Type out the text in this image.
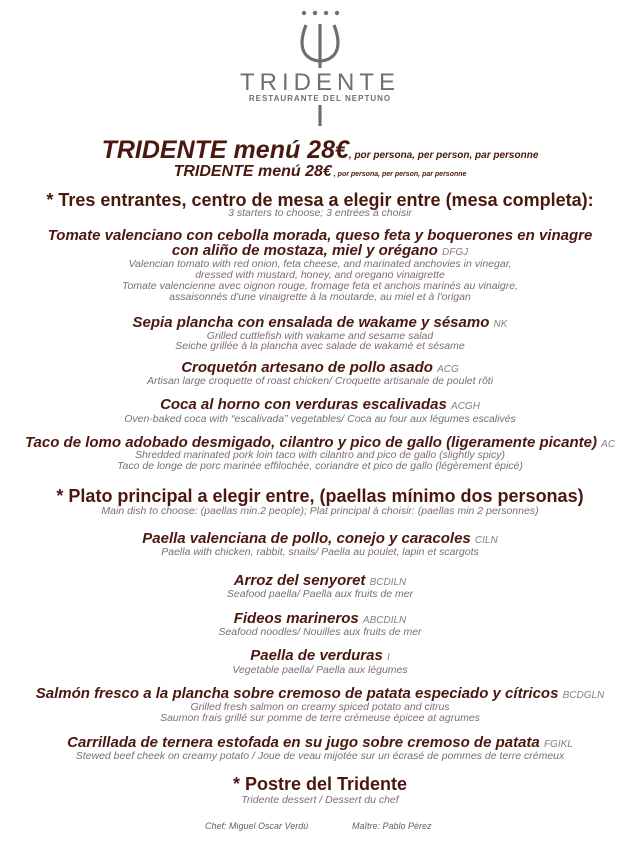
TRIDENTE
RESTAURANTE DEL NEPTUNO
TRIDENTE menú 28€, por persona, per person, par personne
TRIDENTE menú 28€ , por persona, per person, par personne
* Tres entrantes, centro de mesa a elegir entre (mesa completa):
3 starters to choose; 3 entrées à choisir
Tomate valenciano con cebolla morada, queso feta y boquerones en vinagre
con aliño de mostaza, miel y orégano DFGJ
Valencian tomato with red onion, feta cheese, and marinated anchovies in vinegar,
dressed with mustard, honey, and oregano vinaigrette
Tomate valencienne avec oignon rouge, fromage feta et anchois marinés au vinaigre,
assaisonnés d'une vinaigrette à la moutarde, au miel et à l'origan
Sepia plancha con ensalada de wakame y sésamo NK
Grilled cuttlefish with wakame and sesame salad
Seiche grillée à la plancha avec salade de wakamé et sésame
Croquetón artesano de pollo asado ACG
Artisan large croquette of roast chicken/ Croquette artisanale de poulet rôti
Coca al horno con verduras escalivadas ACGH
Oven-baked coca with “escalivada” vegetables/ Coca au four aux légumes escalivés
Taco de lomo adobado desmigado, cilantro y pico de gallo (ligeramente picante) AC
Shredded marinated pork loin taco with cilantro and pico de gallo (slightly spicy)
Taco de longe de porc marinée effilochée, coriandre et pico de gallo (légèrement épicé)
* Plato principal a elegir entre, (paellas mínimo dos personas)
Main dish to choose: (paellas min.2 people); Plat principal à choisir: (paellas min 2 personnes)
Paella valenciana de pollo, conejo y caracoles CILN
Paella with chicken, rabbit, snails/ Paella au poulet, lapin et scargots
Arroz del senyoret BCDILN
Seafood paella/ Paella aux fruits de mer
Fideos marineros ABCDILN
Seafood noodles/ Nouilles aux fruits de mer
Paella de verduras I
Vegetable paella/ Paella aux légumes
Salmón fresco a la plancha sobre cremoso de patata especiado y cítricos BCDGLN
Grilled fresh salmon on creamy spiced potato and citrus
Saumon frais grillé sur pomme de terre crémeuse épicee at agrumes
Carrillada de ternera estofada en su jugo sobre cremoso de patata FGIKL
Stewed beef cheek on creamy potato / Joue de veau mijotée sur un écrasé de pommes de terre crémeux
* Postre del Tridente
Tridente dessert / Dessert du chef
Chef: Miguel Oscar Verdú	Maître: Pablo Pérez
